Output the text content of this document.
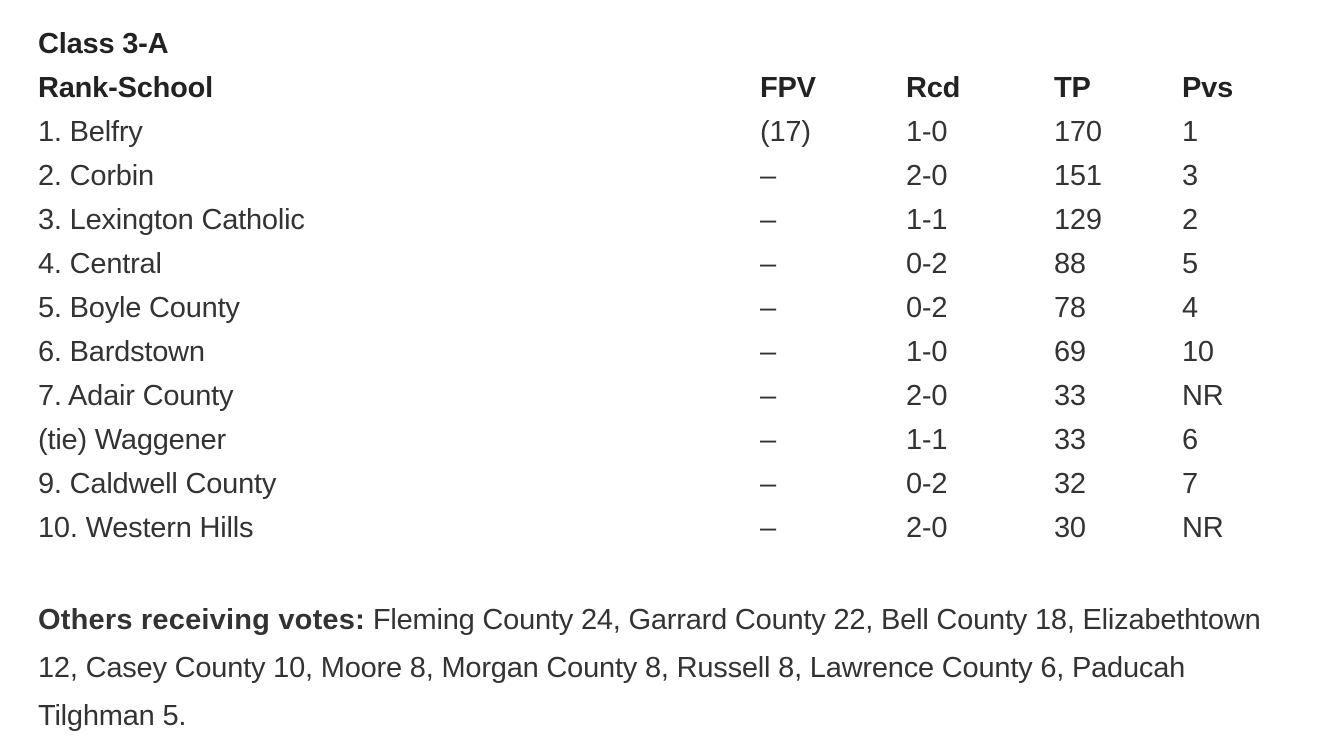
Class 3-A
Rank-School	FPV	Rcd	TP	Pvs
1. Belfry	(17)	1-0	170	1
2. Corbin	–	2-0	151	3
3. Lexington Catholic	–	1-1	129	2
4. Central	–	0-2	88	5
5. Boyle County	–	0-2	78	4
6. Bardstown	–	1-0	69	10
7. Adair County	–	2-0	33	NR
(tie) Waggener	–	1-1	33	6
9. Caldwell County	–	0-2	32	7
10. Western Hills	–	2-0	30	NR

Others receiving votes: Fleming County 24, Garrard County 22, Bell County 18, Elizabethtown 12, Casey County 10, Moore 8, Morgan County 8, Russell 8, Lawrence County 6, Paducah Tilghman 5.
